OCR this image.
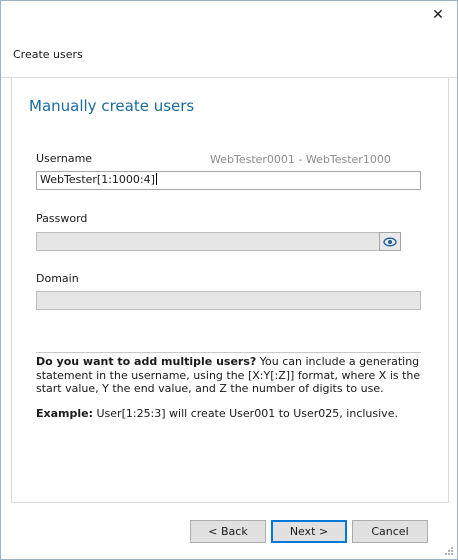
✕
Create users
Manually create users
Username	WebTester0001 - WebTester1000
WebTester[1:1000:4]
Password
Domain
Do you want to add multiple users? You can include a generating statement in the username, using the [X:Y[:Z]] format, where X is the start value, Y the end value, and Z the number of digits to use.
Example: User[1:25:3] will create User001 to User025, inclusive.
< Back	Next >	Cancel
